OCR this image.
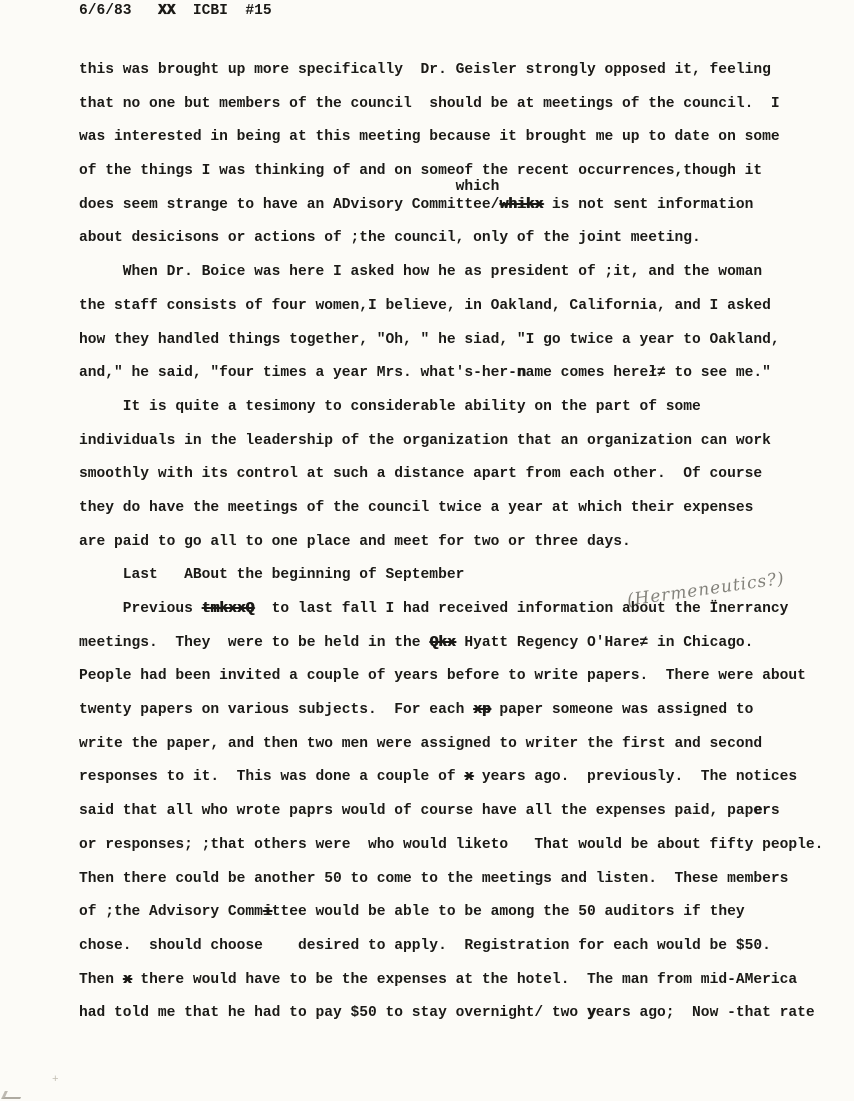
6/6/83   XX  ICBI  #15
this was brought up more specifically  Dr. Geisler strongly opposed it, feeling
that no one but members of the council  should be at meetings of the council.  I
was interested in being at this meeting because it brought me up to date on some
of the things I was thinking of and on someof the recent occurrences,though it
which
does seem strange to have an ADvisory Committee/whikx is not sent information
about desicisons or actions of ;the council, only of the joint meeting.
When Dr. Boice was here I asked how he as president of ;it, and the woman
the staff consists of four women,I believe, in Oakland, California, and I asked
how they handled things together, "Oh, " he siad, "I go twice a year to Oakland,
and," he said, "four times a year Mrs. what's-her-name comes hereł≠ to see me."
It is quite a tesimony to considerable ability on the part of some
individuals in the leadership of the organization that an organization can work
smoothly with its control at such a distance apart from each other.  Of course
they do have the meetings of the council twice a year at which their expenses
are paid to go all to one place and meet for two or three days.
Last   ABout the beginning of September
Previous tmkxxQ  to last fall I had received information about the Ïnerrancy
meetings.  They  were to be held in the Qkx Hyatt Regency O'Hare≠ in Chicago.
People had been invited a couple of years before to write papers.  There were about
twenty papers on various subjects.  For each xp paper someone was assigned to
write the paper, and then two men were assigned to writer the first and second
responses to it.  This was done a couple of x years ago.  previously.  The notices
said that all who wrote paprs would of course have all the expenses paid, papers
or responses; ;that others were  who would liketo   That would be about fifty people.
Then there could be another 50 to come to the meetings and listen.  These members
of ;the Advisory Committee would be able to be among the 50 auditors if they
chose.  should choose    desired to apply.  Registration for each would be $50.
Then x there would have to be the expenses at the hotel.  The man from mid-AMerica
had told me that he had to pay $50 to stay overnight/ two years ago;  Now -that rate
(Hermeneutics?)
+
